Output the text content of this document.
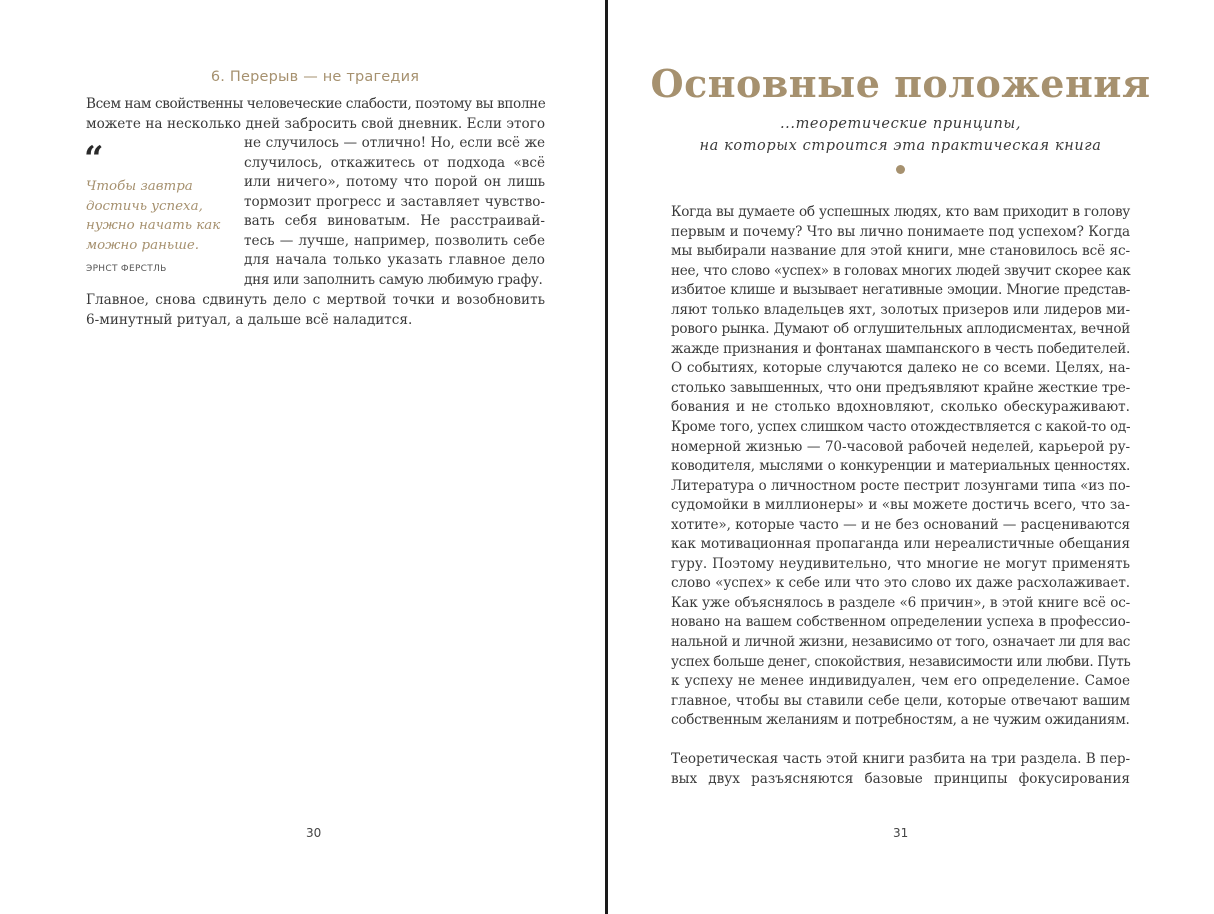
6. Перерыв — не трагедия
Всем нам свойственны человеческие слабости, поэтому вы вполне
можете на несколько дней забросить свой дневник. Если этого
“
Чтобы завтра
достичь успеха,
нужно начать как
можно раньше.
ЭРНСТ ФЕРСТЛЬ
не случилось — отлично! Но, если всё же
случилось, откажитесь от подхода «всё
или ничего», потому что порой он лишь
тормозит прогресс и заставляет чувство-
вать себя виноватым. Не расстраивай-
тесь — лучше, например, позволить себе
для начала только указать главное дело
дня или заполнить самую любимую графу.
Главное, снова сдвинуть дело с мертвой точки и возобновить
6-минутный ритуал, а дальше всё наладится.
30
Основные положения
...теоретические принципы,
на которых строится эта практическая книга
Когда вы думаете об успешных людях, кто вам приходит в голову
первым и почему? Что вы лично понимаете под успехом? Когда
мы выбирали название для этой книги, мне становилось всё яс-
нее, что слово «успех» в головах многих людей звучит скорее как
избитое клише и вызывает негативные эмоции. Многие представ-
ляют только владельцев яхт, золотых призеров или лидеров ми-
рового рынка. Думают об оглушительных аплодисментах, вечной
жажде признания и фонтанах шампанского в честь победителей.
О событиях, которые случаются далеко не со всеми. Целях, на-
столько завышенных, что они предъявляют крайне жесткие тре-
бования и не столько вдохновляют, сколько обескураживают.
Кроме того, успех слишком часто отождествляется с какой-то од-
номерной жизнью — 70-часовой рабочей неделей, карьерой ру-
ководителя, мыслями о конкуренции и материальных ценностях.
Литература о личностном росте пестрит лозунгами типа «из по-
судомойки в миллионеры» и «вы можете достичь всего, что за-
хотите», которые часто — и не без оснований — расцениваются
как мотивационная пропаганда или нереалистичные обещания
гуру. Поэтому неудивительно, что многие не могут применять
слово «успех» к себе или что это слово их даже расхолаживает.
Как уже объяснялось в разделе «6 причин», в этой книге всё ос-
новано на вашем собственном определении успеха в профессио-
нальной и личной жизни, независимо от того, означает ли для вас
успех больше денег, спокойствия, независимости или любви. Путь
к успеху не менее индивидуален, чем его определение. Самое
главное, чтобы вы ставили себе цели, которые отвечают вашим
собственным желаниям и потребностям, а не чужим ожиданиям.
Теоретическая часть этой книги разбита на три раздела. В пер-
вых двух разъясняются базовые принципы фокусирования
31
